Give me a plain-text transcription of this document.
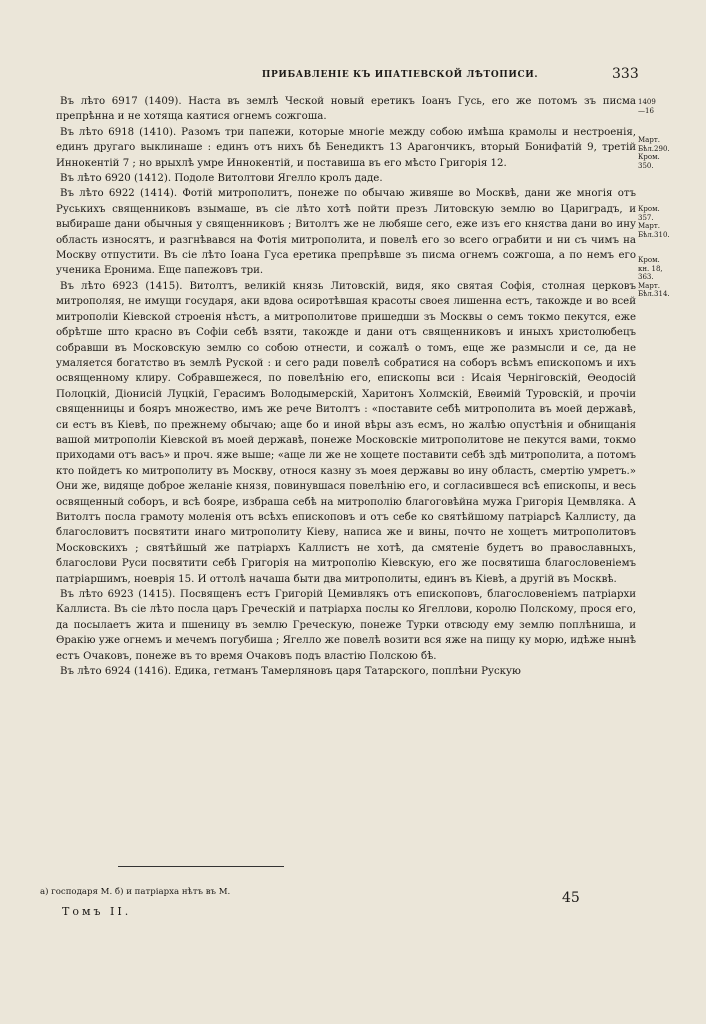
ПРИБАВЛЕНІЕ КЪ ИПАТІЕВСКОЙ ЛѢТОПИСИ.	333

Въ лѣто 6917 (1409). Наста въ землѣ Ческой новый еретикъ Іоанъ Гусь, его же потомъ зъ писма препрѣнна и не хотяща каятися огнемъ сожгоша.

Въ лѣто 6918 (1410). Разомъ три папежи, которые многіе между собою имѣша крамолы и нестроенія, единъ другаго выклинаше : единъ отъ нихъ бѣ Бенедиктъ 13 Арагончикъ, вторый Бонифатій 9, третій Иннокентій 7 ; но врыхлѣ умре Иннокентій, и поставиша въ его мѣсто Григорія 12.

Въ лѣто 6920 (1412). Подоле Витолтови Ягелло кролъ даде.

Въ лѣто 6922 (1414). Фотій митрополитъ, понеже по обычаю живяше во Москвѣ, дани же многія отъ Руськихъ священниковъ взымаше, въ сіе лѣто хотѣ пойти презъ Литовскую землю во Цариградъ, и выбираше дани обычныя у священниковъ ; Витолтъ же не любяше сего, еже изъ его княства дани во ину область износятъ, и разгнѣвався на Фотія митрополита, и повелѣ его зо всего ограбити и ни съ чимъ на Москву отпустити. Въ сіе лѣто Іоана Гуса еретика препрѣвше зъ писма огнемъ сожгоша, а по немъ его ученика Еронима. Еще папежовъ три.

Въ лѣто 6923 (1415). Витолтъ, великій князь Литовскій, видя, яко святая Софія, столная церковъ митрополяя, не имущи государя, аки вдова осиротѣвшая красоты своея лишенна естъ, такожде и во всей митрополіи Кіевской строенія нѣстъ, а митрополитове пришедши зъ Москвы о семъ токмо пекутся, еже обрѣтше што красно въ Софіи себѣ взяти, такожде и дани отъ священниковъ и иныхъ христолюбецъ собравши въ Московскую землю со собою отнести, и сожалѣ о томъ, еще же размысли и се, да не умаляется богатство въ землѣ Руской : и сего ради повелѣ собратися на соборъ всѣмъ епископомъ и ихъ освященному клиру. Собравшежеся, по повелѣнію его, епископы вси : Исаія Черніговскій, Ѳеодосій Полоцкій, Діонисій Луцкій, Герасимъ Володымерскій, Харитонъ Холмскій, Евѳимій Туровскій, и прочіи священницы и бояръ множество, имъ же рече Витолтъ : «поставите себѣ митрополита въ моей державѣ, си естъ въ Кіевѣ, по прежнему обычаю; аще бо и иной вѣры азъ есмъ, но жалѣю опустѣнія и обнищанія вашой митрополіи Кіевской въ моей державѣ, понеже Московскіе митрополитове не пекутся вами, токмо приходами отъ васъ» и проч. яже выше; «аще ли же не хощете поставити себѣ здѣ митрополита, а потомъ кто пойдетъ ко митрополиту въ Москву, относя казну зъ моея державы во ину область, смертію умретъ.» Они же, видяще доброе желаніе князя, повинувшася повелѣнію его, и согласившеся всѣ епископы, и весь освященный соборъ, и всѣ бояре, избраша себѣ на митрополію благоговѣйна мужа Григорія Цемвляка. А Витолтъ посла грамоту моленія отъ всѣхъ епископовъ и отъ себе ко святѣйшому патріарсѣ Каллисту, да благословитъ посвятити инаго митрополиту Кіеву, написа же и вины, почто не хощетъ митрополитовъ Московскихъ ; святѣйшый же патріархъ Каллистъ не хотѣ, да смятеніе будетъ во православныхъ, благослови Руси посвятити себѣ Григорія на митрополію Кіевскую, его же посвятиша благословеніемъ патріаршимъ, ноеврія 15. И оттолѣ начаша быти два митрополиты, единъ въ Кіевѣ, а другій въ Москвѣ.

Въ лѣто 6923 (1415). Посвященъ естъ Григорій Цемивлякъ отъ епископовъ, благословеніемъ патріархи Каллиста. Въ сіе лѣто посла царъ Греческій и патріарха послы ко Ягеллови, королю Полскому, прося его, да посылаетъ жита и пшеницу въ землю Греческую, понеже Турки отвсюду ему землю поплѣниша, и Ѳракію уже огнемъ и мечемъ погубиша ; Ягелло же повелѣ возити вся яже на пищу ку морю, идѣже нынѣ естъ Очаковъ, понеже въ то время Очаковъ подъ властію Полскою бѣ.

Въ лѣто 6924 (1416). Едика, гетманъ Тамерляновъ царя Татарского, поплѣни Рускую

1409
—16
Март.
Бѣл.290.
Кром.
350.
Кром.
357.
Март.
Бѣл.310.
Кром.
кн. 18,
363.
Март.
Бѣл.314.
а) господаря М. б) и патріарха нѣтъ въ М.	45
Томъ II.
